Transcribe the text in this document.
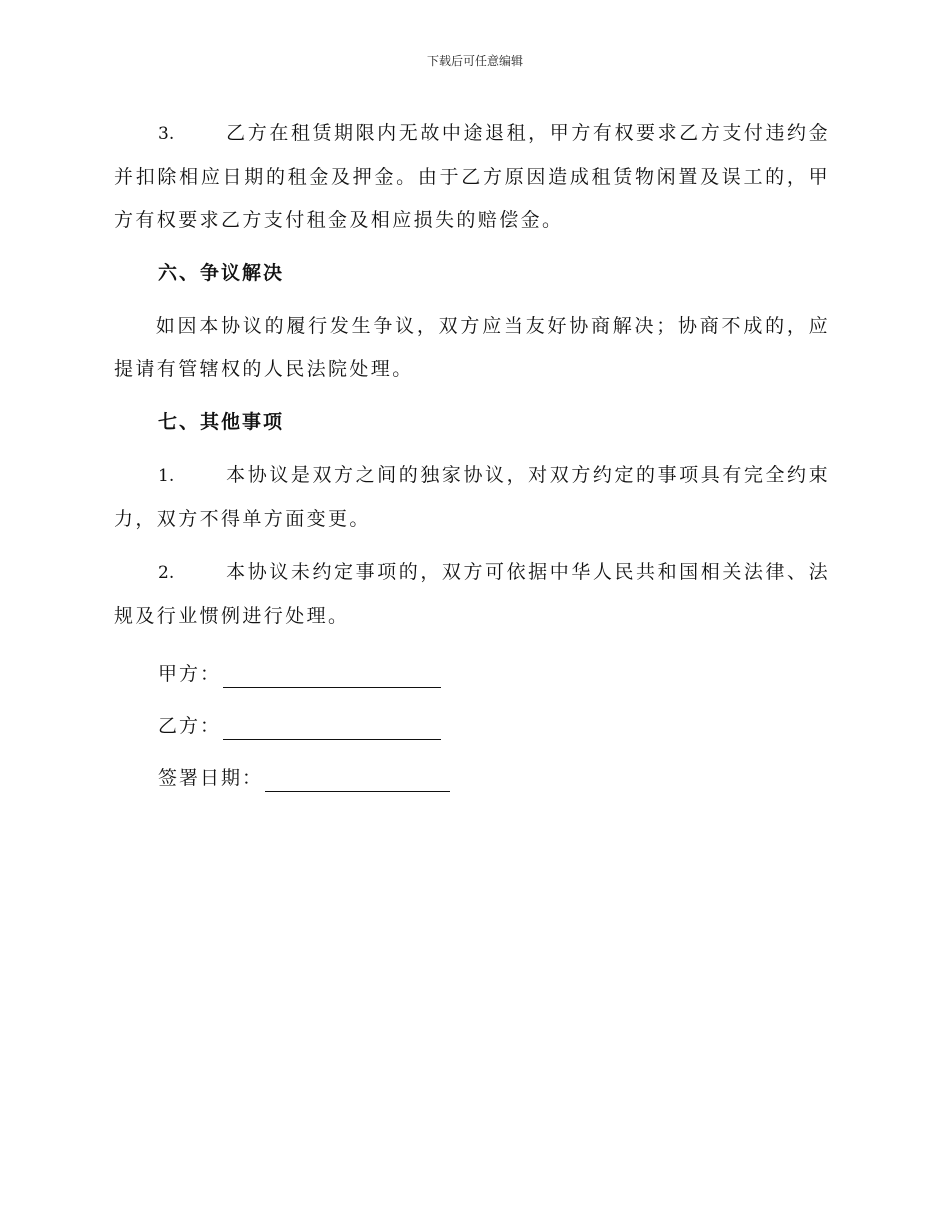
下载后可任意编辑

3.	乙方在租赁期限内无故中途退租，甲方有权要求乙方支付违约金并扣除相应日期的租金及押金。由于乙方原因造成租赁物闲置及误工的，甲方有权要求乙方支付租金及相应损失的赔偿金。

六、争议解决

如因本协议的履行发生争议，双方应当友好协商解决；协商不成的，应提请有管辖权的人民法院处理。

七、其他事项

1.	本协议是双方之间的独家协议，对双方约定的事项具有完全约束力，双方不得单方面变更。

2.	本协议未约定事项的，双方可依据中华人民共和国相关法律、法规及行业惯例进行处理。

甲方：

乙方：

签署日期：
